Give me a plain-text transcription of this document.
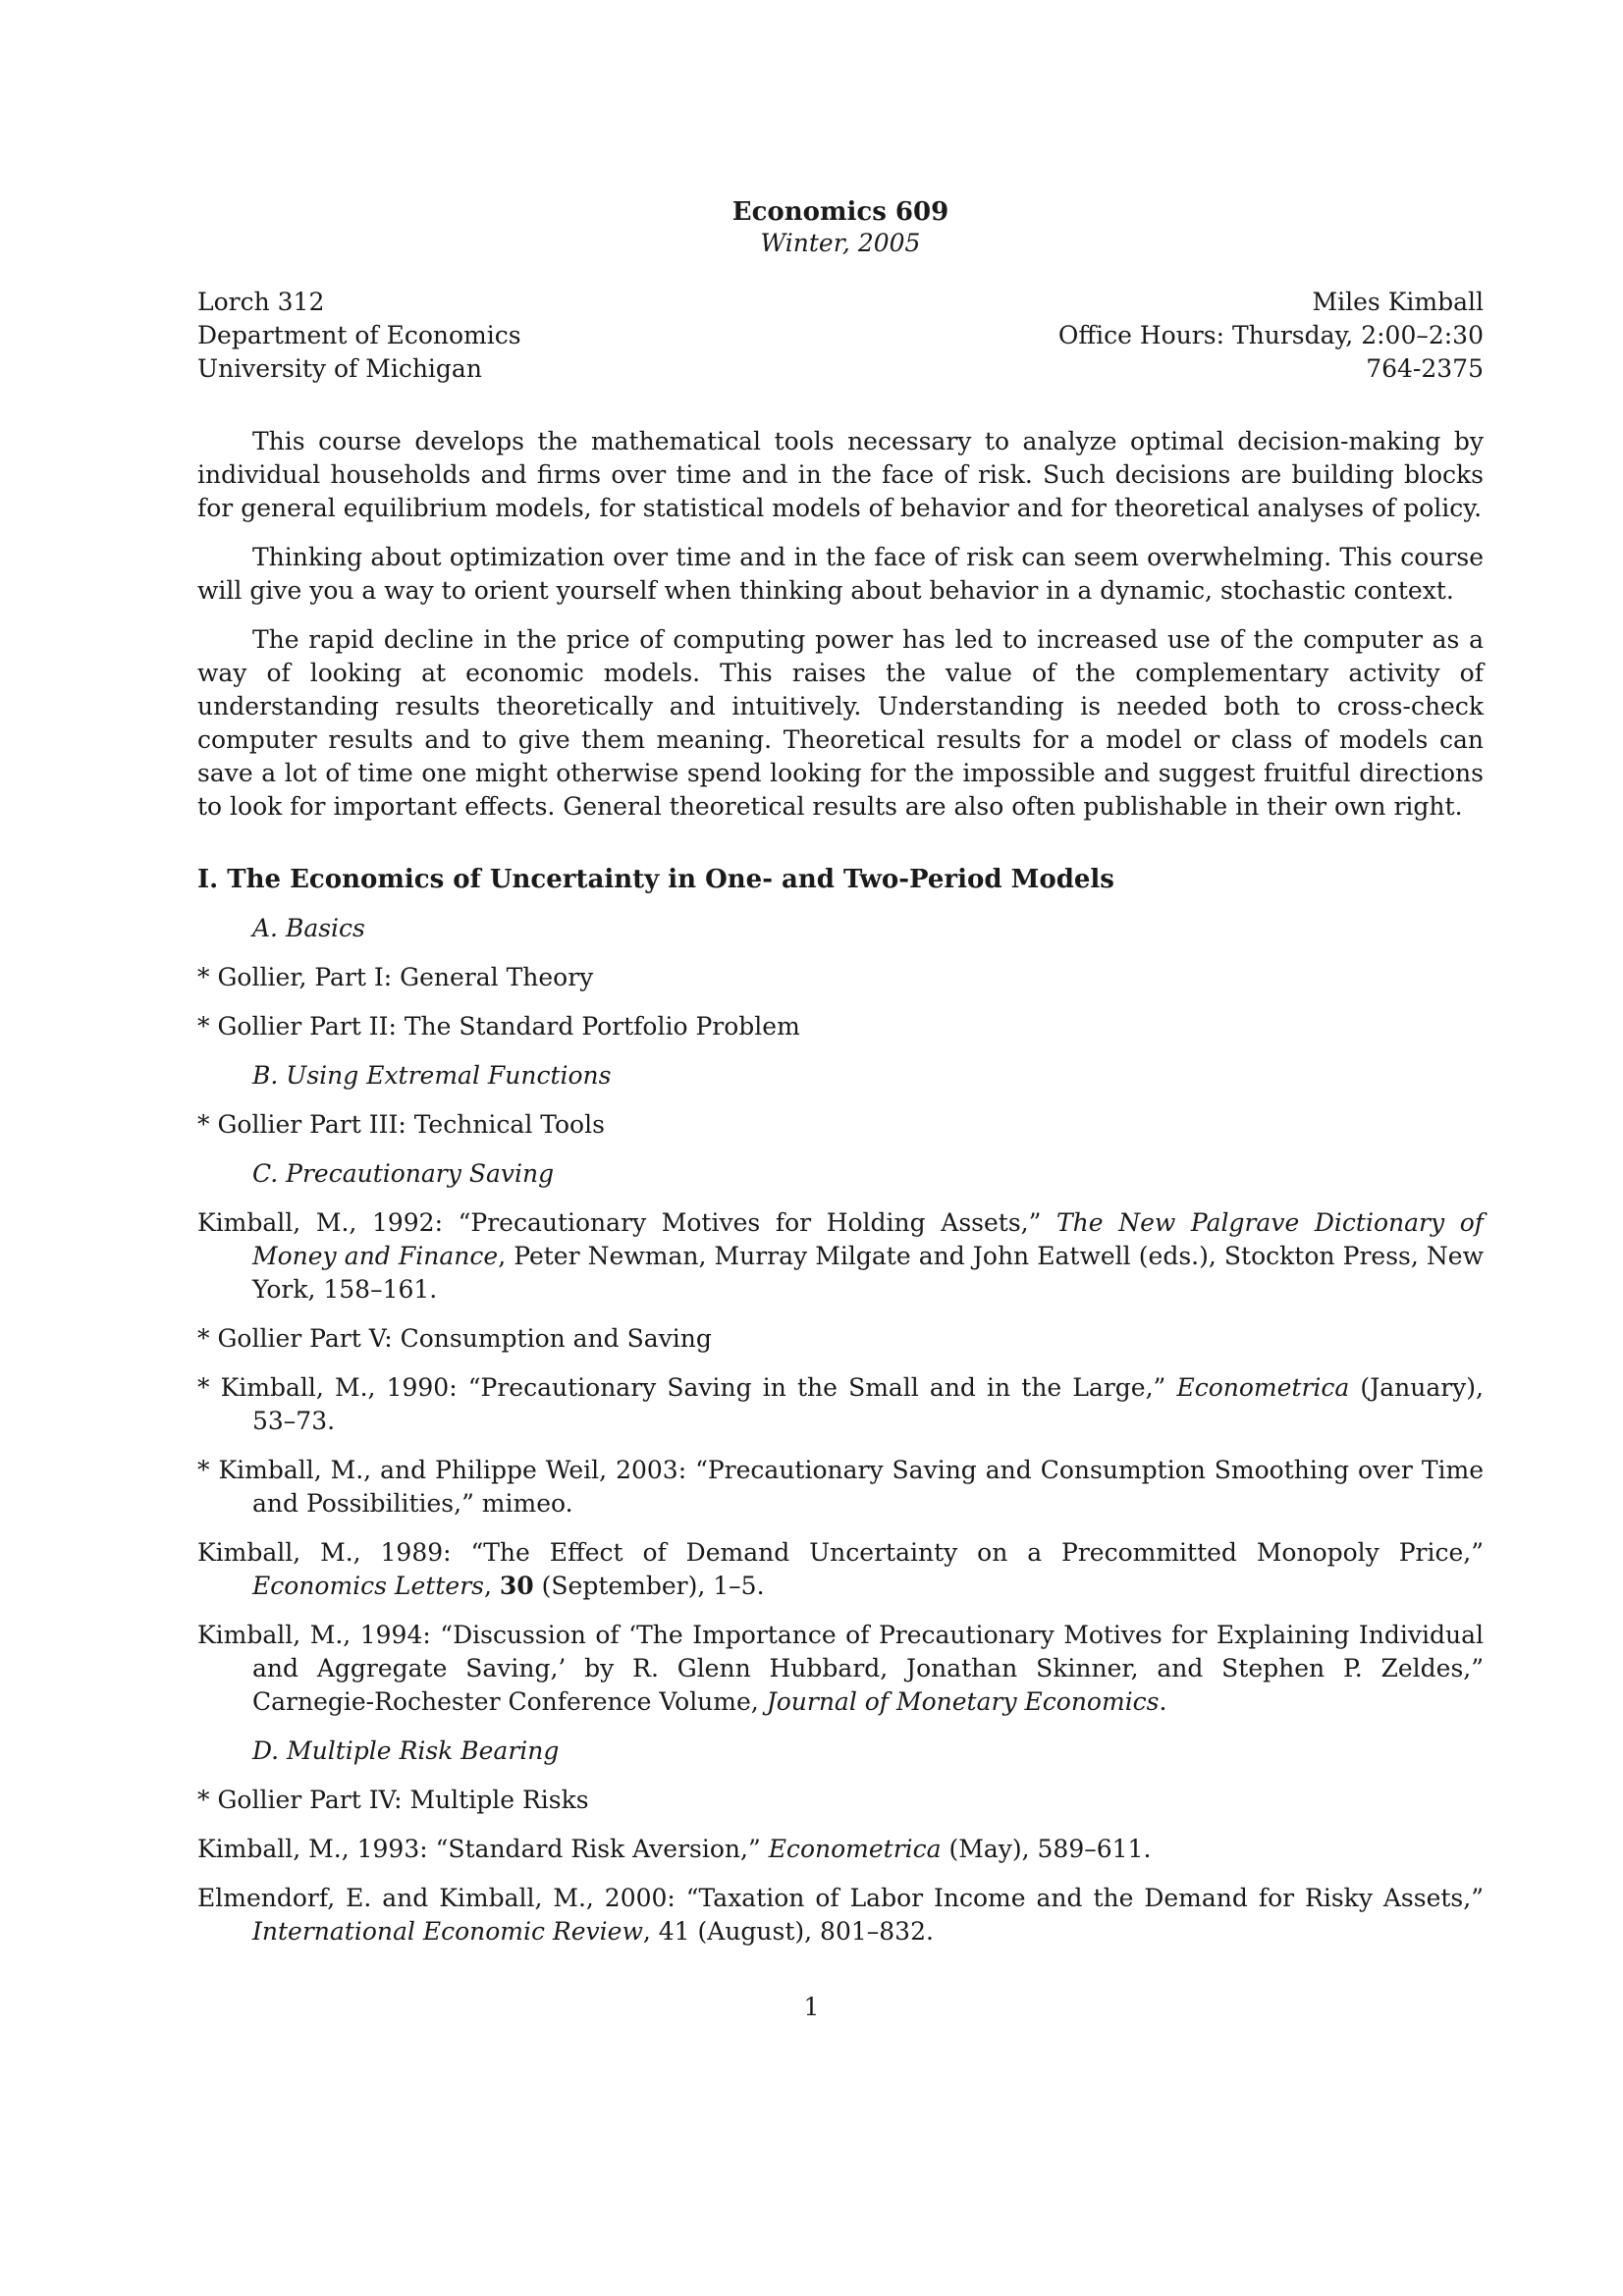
Economics 609
Winter, 2005
Lorch 312
Department of Economics
University of Michigan
Miles Kimball
Office Hours: Thursday, 2:00–2:30
764-2375

This course develops the mathematical tools necessary to analyze optimal decision-making by individual households and firms over time and in the face of risk. Such decisions are building blocks for general equilibrium models, for statistical models of behavior and for theoretical analyses of policy.

Thinking about optimization over time and in the face of risk can seem overwhelming. This course will give you a way to orient yourself when thinking about behavior in a dynamic, stochastic context.

The rapid decline in the price of computing power has led to increased use of the computer as a way of looking at economic models. This raises the value of the complementary activity of understanding results theoretically and intuitively. Understanding is needed both to cross-check computer results and to give them meaning. Theoretical results for a model or class of models can save a lot of time one might otherwise spend looking for the impossible and suggest fruitful directions to look for important effects. General theoretical results are also often publishable in their own right.

I. The Economics of Uncertainty in One- and Two-Period Models
A. Basics
* Gollier, Part I: General Theory
* Gollier Part II: The Standard Portfolio Problem
B. Using Extremal Functions
* Gollier Part III: Technical Tools
C. Precautionary Saving
Kimball, M., 1992: “Precautionary Motives for Holding Assets,” The New Palgrave Dictionary of Money and Finance, Peter Newman, Murray Milgate and John Eatwell (eds.), Stockton Press, New York, 158–161.
* Gollier Part V: Consumption and Saving
* Kimball, M., 1990: “Precautionary Saving in the Small and in the Large,” Econometrica (January), 53–73.
* Kimball, M., and Philippe Weil, 2003: “Precautionary Saving and Consumption Smoothing over Time and Possibilities,” mimeo.
Kimball, M., 1989: “The Effect of Demand Uncertainty on a Precommitted Monopoly Price,” Economics Letters, 30 (September), 1–5.
Kimball, M., 1994: “Discussion of ‘The Importance of Precautionary Motives for Explaining Individual and Aggregate Saving,’ by R. Glenn Hubbard, Jonathan Skinner, and Stephen P. Zeldes,” Carnegie-Rochester Conference Volume, Journal of Monetary Economics.
D. Multiple Risk Bearing
* Gollier Part IV: Multiple Risks
Kimball, M., 1993: “Standard Risk Aversion,” Econometrica (May), 589–611.
Elmendorf, E. and Kimball, M., 2000: “Taxation of Labor Income and the Demand for Risky Assets,” International Economic Review, 41 (August), 801–832.
1
